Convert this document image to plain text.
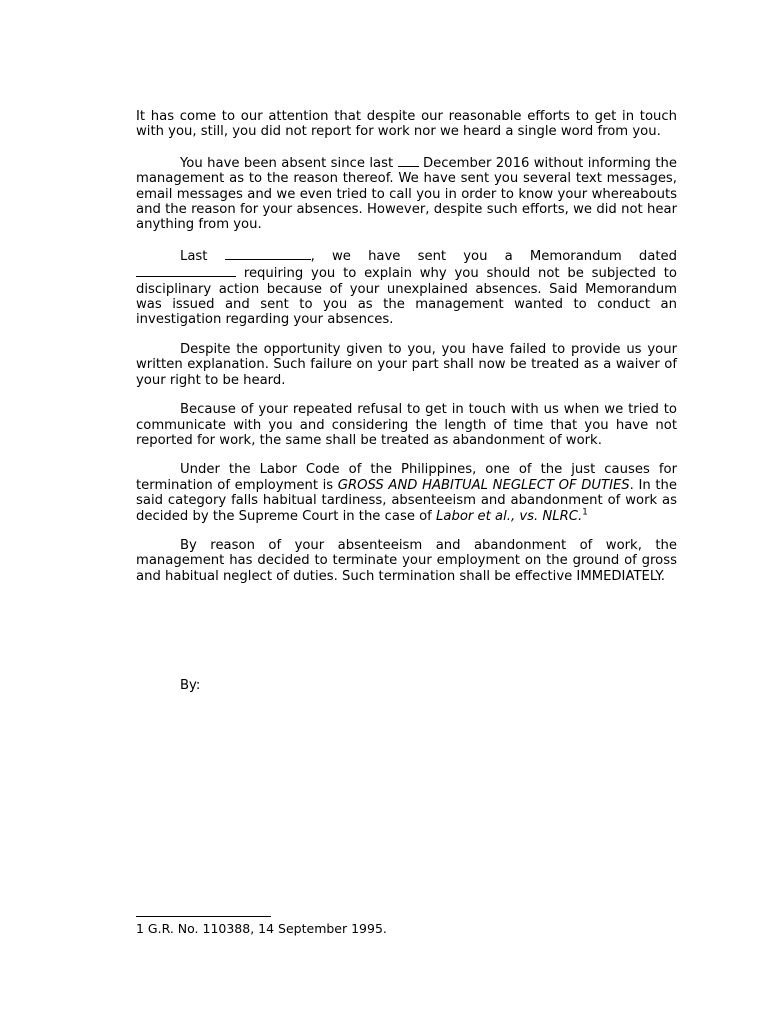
It has come to our attention that despite our reasonable efforts to get in touch with you, still, you did not report for work nor we heard a single word from you.

You have been absent since last December 2016 without informing the management as to the reason thereof. We have sent you several text messages, email messages and we even tried to call you in order to know your whereabouts and the reason for your absences. However, despite such efforts, we did not hear anything from you.

Last	, we have sent you a Memorandum dated  requiring you to explain why you should not be subjected to disciplinary action because of your unexplained absences. Said Memorandum was issued and sent to you as the management wanted to conduct an investigation regarding your absences.

Despite the opportunity given to you, you have failed to provide us your written explanation. Such failure on your part shall now be treated as a waiver of your right to be heard.

Because of your repeated refusal to get in touch with us when we tried to communicate with you and considering the length of time that you have not reported for work, the same shall be treated as abandonment of work.

Under the Labor Code of the Philippines, one of the just causes for termination of employment is GROSS AND HABITUAL NEGLECT OF DUTIES. In the said category falls habitual tardiness, absenteeism and abandonment of work as decided by the Supreme Court in the case of Labor et al., vs. NLRC.$^1$

By reason of your absenteeism and abandonment of work, the management has decided to terminate your employment on the ground of gross and habitual neglect of duties. Such termination shall be effective IMMEDIATELY.

By:
1 G.R. No. 110388, 14 September 1995.
